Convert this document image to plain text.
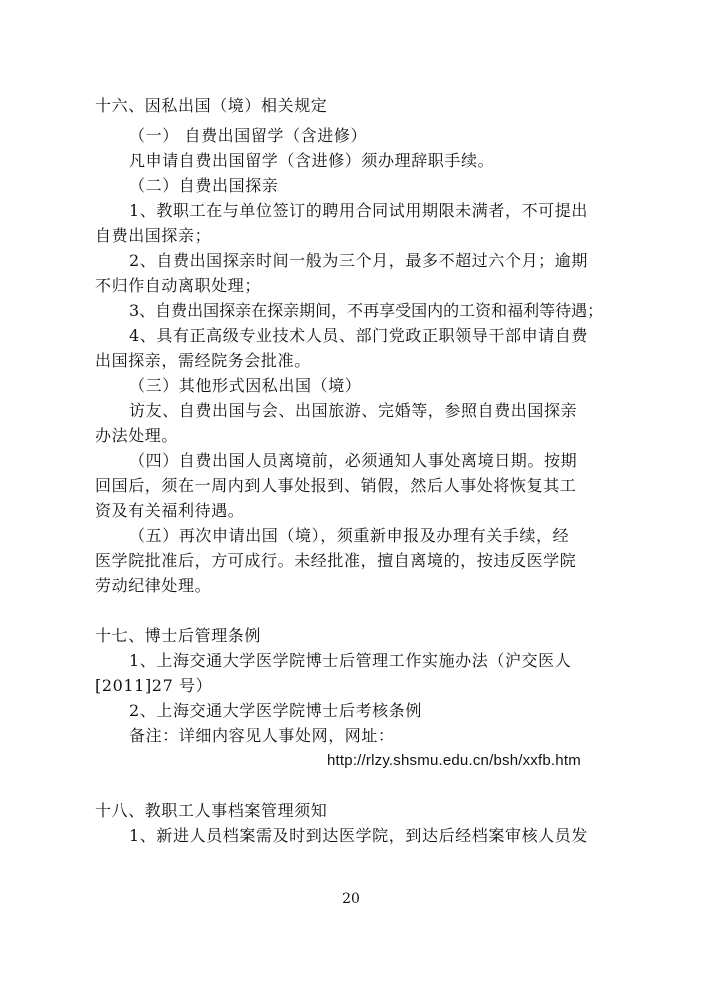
十六、因私出国（境）相关规定
（一） 自费出国留学（含进修）
凡申请自费出国留学（含进修）须办理辞职手续。
（二）自费出国探亲
1、教职工在与单位签订的聘用合同试用期限未满者，不可提出
自费出国探亲；
2、自费出国探亲时间一般为三个月，最多不超过六个月；逾期
不归作自动离职处理；
3、自费出国探亲在探亲期间，不再享受国内的工资和福利等待遇；
4、具有正高级专业技术人员、部门党政正职领导干部申请自费
出国探亲，需经院务会批准。
（三）其他形式因私出国（境）
访友、自费出国与会、出国旅游、完婚等，参照自费出国探亲
办法处理。
（四）自费出国人员离境前，必须通知人事处离境日期。按期
回国后，须在一周内到人事处报到、销假，然后人事处将恢复其工
资及有关福利待遇。
（五）再次申请出国（境），须重新申报及办理有关手续，经
医学院批准后，方可成行。未经批准，擅自离境的，按违反医学院
劳动纪律处理。
十七、博士后管理条例
1、上海交通大学医学院博士后管理工作实施办法（沪交医人
[2011]27 号）
2、上海交通大学医学院博士后考核条例
备注：详细内容见人事处网，网址：
http://rlzy.shsmu.edu.cn/bsh/xxfb.htm
十八、教职工人事档案管理须知
1、新进人员档案需及时到达医学院，到达后经档案审核人员发
20
